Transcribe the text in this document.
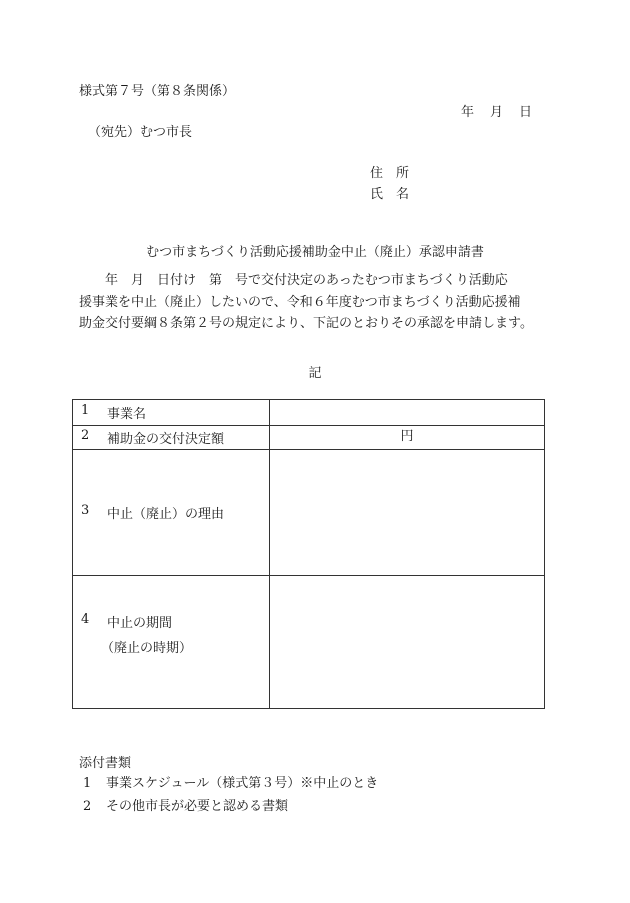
様式第７号（第８条関係）
年 月 日
（宛先）むつ市長
住　所
氏　名
むつ市まちづくり活動応援補助金中止（廃止）承認申請書
年　月　日付け　第　号で交付決定のあったむつ市まちづくり活動応
援事業を中止（廃止）したいので、令和６年度むつ市まちづくり活動応援補
助金交付要綱８条第２号の規定により、下記のとおりその承認を申請します。
記
1 事業名	

2 補助金の交付決定額	円

3 中止（廃止）の理由	

4 中止の期間
（廃止の時期）	

添付書類
1 事業スケジュール（様式第３号）※中止のとき
2 その他市長が必要と認める書類
